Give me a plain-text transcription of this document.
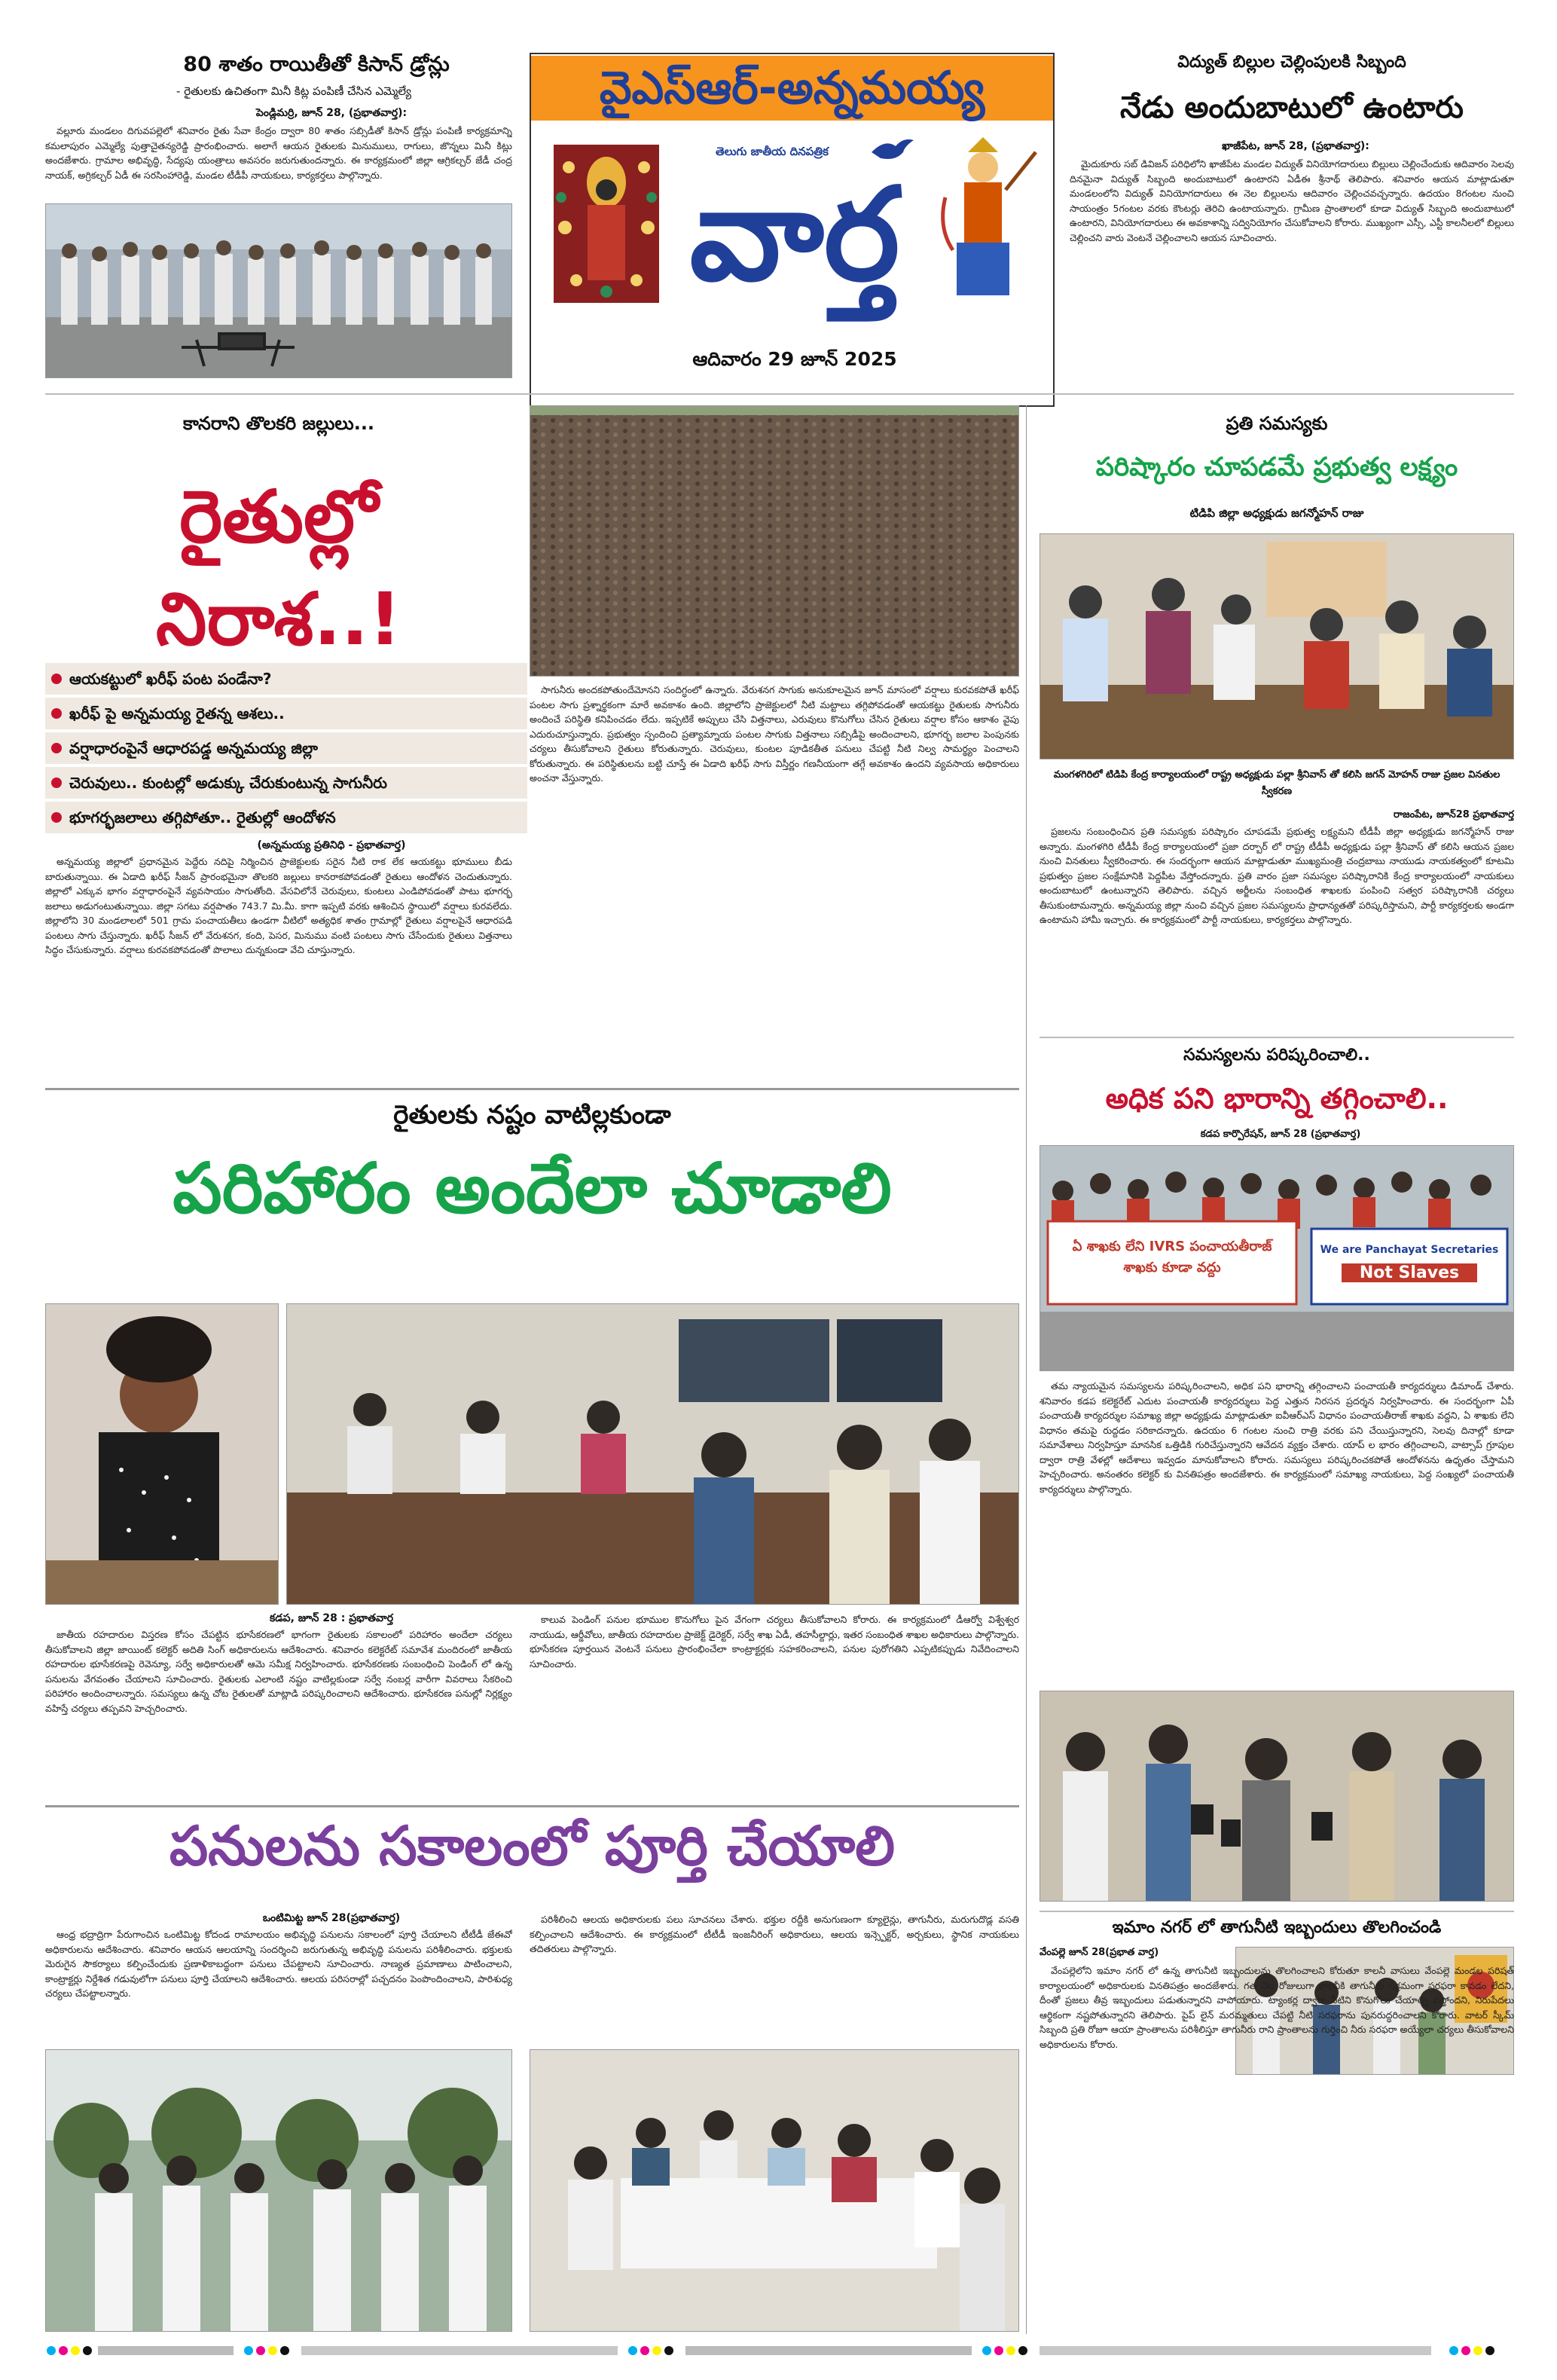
80 శాతం రాయితీతో కిసాన్ డ్రోన్లు
- రైతులకు ఉచితంగా మినీ కిట్ల పంపిణీ చేసిన ఎమ్మెల్యే
పెండ్లిమర్రి, జూన్ 28, (ప్రభాతవార్త):

వల్లూరు మండలం దిగువపల్లెలో శనివారం రైతు సేవా కేంద్రం ద్వారా 80 శాతం సబ్సిడీతో కిసాన్ డ్రోన్లు పంపిణీ కార్యక్రమాన్ని కమలాపురం ఎమ్మెల్యే పుత్తాచైతన్యరెడ్డి ప్రారంభించారు. అలాగే ఆయన రైతులకు మినుములు, రాగులు, జొన్నలు మినీ కిట్లు అందజేశారు. గ్రామాల అభివృద్ధి, సేద్యపు యంత్రాలు అవసరం జరుగుతుందన్నారు. ఈ కార్యక్రమంలో జిల్లా ఆగ్రికల్చర్ జేడీ చంద్ర నాయక్, అగ్రికల్చర్ ఏడీ ఈ సరసింహారెడ్డి, మండల టీడీపీ నాయకులు, కార్యకర్తలు పాల్గొన్నారు.

వైఎస్ఆర్-అన్నమయ్య
తెలుగు జాతీయ దినపత్రిక
వార్త
ఆదివారం 29 జూన్ 2025
విద్యుత్ బిల్లుల చెల్లింపులకి సిబ్బంది
నేడు అందుబాటులో ఉంటారు
ఖాజీపేట, జూన్ 28, (ప్రభాతవార్త):

మైదుకూరు సబ్ డివిజన్ పరిధిలోని ఖాజీపేట మండల విద్యుత్ వినియోగదారులు బిల్లులు చెల్లించేందుకు ఆదివారం సెలవు దినమైనా విద్యుత్ సిబ్బంది అందుబాటులో ఉంటారని ఏడీఈ శ్రీనాథ్ తెలిపారు. శనివారం ఆయన మాట్లాడుతూ మండలంలోని విద్యుత్ వినియోగదారులు ఈ నెల బిల్లులను ఆదివారం చెల్లించవచ్చన్నారు. ఉదయం 8గంటల నుంచి సాయంత్రం 5గంటల వరకు కౌంటర్లు తెరిచి ఉంటాయన్నారు. గ్రామీణ ప్రాంతాలలో కూడా విద్యుత్ సిబ్బంది అందుబాటులో ఉంటారని, వినియోగదారులు ఈ అవకాశాన్ని సద్వినియోగం చేసుకోవాలని కోరారు. ముఖ్యంగా ఎస్సీ, ఎస్టీ కాలనీలలో బిల్లులు చెల్లించని వారు వెంటనే చెల్లించాలని ఆయన సూచించారు.

కానరాని తొలకరి జల్లులు...
రైతుల్లో నిరాశ..!
ఆయకట్టులో ఖరీఫ్ పంట పండేనా?
ఖరీఫ్ పై అన్నమయ్య రైతన్న ఆశలు..
వర్షాధారంపైనే ఆధారపడ్డ అన్నమయ్య జిల్లా
చెరువులు.. కుంటల్లో అడుక్కు చేరుకుంటున్న సాగునీరు
భూగర్భజలాలు తగ్గిపోతూ.. రైతుల్లో ఆందోళన
(అన్నమయ్య ప్రతినిధి - ప్రభాతవార్త)

అన్నమయ్య జిల్లాలో ప్రధానమైన పెద్దేరు నదిపై నిర్మించిన ప్రాజెక్టులకు సరైన నీటి రాక లేక ఆయకట్టు భూములు బీడు బారుతున్నాయి. ఈ ఏడాది ఖరీఫ్ సీజన్ ప్రారంభమైనా తొలకరి జల్లులు కానరాకపోవడంతో రైతులు ఆందోళన చెందుతున్నారు. జిల్లాలో ఎక్కువ భాగం వర్షాధారంపైనే వ్యవసాయం సాగుతోంది. వేసవిలోనే చెరువులు, కుంటలు ఎండిపోవడంతో పాటు భూగర్భ జలాలు అడుగంటుతున్నాయి. జిల్లా సగటు వర్షపాతం 743.7 మి.మీ. కాగా ఇప్పటి వరకు ఆశించిన స్థాయిలో వర్షాలు కురవలేదు. జిల్లాలోని 30 మండలాలలో 501 గ్రామ పంచాయతీలు ఉండగా వీటిలో అత్యధిక శాతం గ్రామాల్లో రైతులు వర్షాలపైనే ఆధారపడి పంటలు సాగు చేస్తున్నారు. ఖరీఫ్ సీజన్ లో వేరుశనగ, కంది, పెసర, మినుము వంటి పంటలు సాగు చేసేందుకు రైతులు విత్తనాలు సిద్ధం చేసుకున్నారు. వర్షాలు కురవకపోవడంతో పొలాలు దున్నకుండా వేచి చూస్తున్నారు.

సాగునీరు అందకపోతుందేమోనని సందిగ్ధంలో ఉన్నారు. వేరుశనగ సాగుకు అనుకూలమైన జూన్ మాసంలో వర్షాలు కురవకపోతే ఖరీఫ్ పంటల సాగు ప్రశ్నార్థకంగా మారే అవకాశం ఉంది. జిల్లాలోని ప్రాజెక్టులలో నీటి మట్టాలు తగ్గిపోవడంతో ఆయకట్టు రైతులకు సాగునీరు అందించే పరిస్థితి కనిపించడం లేదు. ఇప్పటికే అప్పులు చేసి విత్తనాలు, ఎరువులు కొనుగోలు చేసిన రైతులు వర్షాల కోసం ఆకాశం వైపు ఎదురుచూస్తున్నారు. ప్రభుత్వం స్పందించి ప్రత్యామ్నాయ పంటల సాగుకు విత్తనాలు సబ్సిడీపై అందించాలని, భూగర్భ జలాల పెంపునకు చర్యలు తీసుకోవాలని రైతులు కోరుతున్నారు. చెరువులు, కుంటల పూడికతీత పనులు చేపట్టి నీటి నిల్వ సామర్థ్యం పెంచాలని కోరుతున్నారు. ఈ పరిస్థితులను బట్టి చూస్తే ఈ ఏడాది ఖరీఫ్ సాగు విస్తీర్ణం గణనీయంగా తగ్గే అవకాశం ఉందని వ్యవసాయ అధికారులు అంచనా వేస్తున్నారు.

ప్రతి సమస్యకు
పరిష్కారం చూపడమే ప్రభుత్వ లక్ష్యం
టిడిపి జిల్లా అధ్యక్షుడు జగన్మోహన్ రాజు
మంగళగిరిలో టిడిపి కేంద్ర కార్యాలయంలో రాష్ట్ర అధ్యక్షుడు పల్లా శ్రీనివాస్ తో కలిసి జగన్ మోహన్ రాజు ప్రజల వినతుల స్వీకరణ
రాజంపేట, జూన్28 ప్రభాతవార్త

ప్రజలను సంబంధించిన ప్రతి సమస్యకు పరిష్కారం చూపడమే ప్రభుత్వ లక్ష్యమని టీడీపీ జిల్లా అధ్యక్షుడు జగన్మోహన్ రాజు అన్నారు. మంగళగిరి టీడీపీ కేంద్ర కార్యాలయంలో ప్రజా దర్బార్ లో రాష్ట్ర టీడీపీ అధ్యక్షుడు పల్లా శ్రీనివాస్ తో కలిసి ఆయన ప్రజల నుంచి వినతులు స్వీకరించారు. ఈ సందర్భంగా ఆయన మాట్లాడుతూ ముఖ్యమంత్రి చంద్రబాబు నాయుడు నాయకత్వంలో కూటమి ప్రభుత్వం ప్రజల సంక్షేమానికి పెద్దపీట వేస్తోందన్నారు. ప్రతి వారం ప్రజా సమస్యల పరిష్కారానికి కేంద్ర కార్యాలయంలో నాయకులు అందుబాటులో ఉంటున్నారని తెలిపారు. వచ్చిన అర్జీలను సంబంధిత శాఖలకు పంపించి సత్వర పరిష్కారానికి చర్యలు తీసుకుంటామన్నారు. అన్నమయ్య జిల్లా నుంచి వచ్చిన ప్రజల సమస్యలను ప్రాధాన్యతతో పరిష్కరిస్తామని, పార్టీ కార్యకర్తలకు అండగా ఉంటామని హామీ ఇచ్చారు. ఈ కార్యక్రమంలో పార్టీ నాయకులు, కార్యకర్తలు పాల్గొన్నారు.

సమస్యలను పరిష్కరించాలి..
అధిక పని భారాన్ని తగ్గించాలి..
కడప కార్పొరేషన్, జూన్ 28 (ప్రభాతవార్త)
ఏ శాఖకు లేని IVRS పంచాయతీరాజ్ శాఖకు కూడా వద్దు
We are Panchayat Secretaries
Not Slaves

తమ న్యాయమైన సమస్యలను పరిష్కరించాలని, అధిక పని భారాన్ని తగ్గించాలని పంచాయతీ కార్యదర్శులు డిమాండ్ చేశారు. శనివారం కడప కలెక్టరేట్ ఎదుట పంచాయతీ కార్యదర్శులు పెద్ద ఎత్తున నిరసన ప్రదర్శన నిర్వహించారు. ఈ సందర్భంగా ఏపీ పంచాయతీ కార్యదర్శుల సమాఖ్య జిల్లా అధ్యక్షుడు మాట్లాడుతూ ఐవీఆర్ఎస్ విధానం పంచాయతీరాజ్ శాఖకు వద్దని, ఏ శాఖకు లేని విధానం తమపై రుద్దడం సరికాదన్నారు. ఉదయం 6 గంటల నుంచి రాత్రి వరకు పని చేయిస్తున్నారని, సెలవు దినాల్లో కూడా సమావేశాలు నిర్వహిస్తూ మానసిక ఒత్తిడికి గురిచేస్తున్నారని ఆవేదన వ్యక్తం చేశారు. యాప్ ల భారం తగ్గించాలని, వాట్సాప్ గ్రూపుల ద్వారా రాత్రి వేళల్లో ఆదేశాలు ఇవ్వడం మానుకోవాలని కోరారు. సమస్యలు పరిష్కరించకపోతే ఆందోళనను ఉధృతం చేస్తామని హెచ్చరించారు. అనంతరం కలెక్టర్ కు వినతిపత్రం అందజేశారు. ఈ కార్యక్రమంలో సమాఖ్య నాయకులు, పెద్ద సంఖ్యలో పంచాయతీ కార్యదర్శులు పాల్గొన్నారు.

రైతులకు నష్టం వాటిల్లకుండా
పరిహారం అందేలా చూడాలి
కడప, జూన్ 28 : ప్రభాతవార్త

జాతీయ రహదారుల విస్తరణ కోసం చేపట్టిన భూసేకరణలో భాగంగా రైతులకు సకాలంలో పరిహారం అందేలా చర్యలు తీసుకోవాలని జిల్లా జాయింట్ కలెక్టర్ అదితి సింగ్ అధికారులను ఆదేశించారు. శనివారం కలెక్టరేట్ సమావేశ మందిరంలో జాతీయ రహదారుల భూసేకరణపై రెవెన్యూ, సర్వే అధికారులతో ఆమె సమీక్ష నిర్వహించారు. భూసేకరణకు సంబంధించి పెండింగ్ లో ఉన్న పనులను వేగవంతం చేయాలని సూచించారు. రైతులకు ఎలాంటి నష్టం వాటిల్లకుండా సర్వే నంబర్ల వారీగా వివరాలు సేకరించి పరిహారం అందించాలన్నారు. సమస్యలు ఉన్న చోట రైతులతో మాట్లాడి పరిష్కరించాలని ఆదేశించారు. భూసేకరణ పనుల్లో నిర్లక్ష్యం వహిస్తే చర్యలు తప్పవని హెచ్చరించారు.

కాలువ పెండింగ్ పనుల భూముల కొనుగోలు పైన వేగంగా చర్యలు తీసుకోవాలని కోరారు. ఈ కార్యక్రమంలో డీఆర్వో విశ్వేశ్వర నాయుడు, ఆర్డీవోలు, జాతీయ రహదారుల ప్రాజెక్ట్ డైరెక్టర్, సర్వే శాఖ ఏడీ, తహసీల్దార్లు, ఇతర సంబంధిత శాఖల అధికారులు పాల్గొన్నారు. భూసేకరణ పూర్తయిన వెంటనే పనులు ప్రారంభించేలా కాంట్రాక్టర్లకు సహకరించాలని, పనుల పురోగతిని ఎప్పటికప్పుడు నివేదించాలని సూచించారు.

పనులను సకాలంలో పూర్తి చేయాలి
ఒంటిమిట్ట జూన్ 28(ప్రభాతవార్త)

ఆంధ్ర భద్రాద్రిగా పేరుగాంచిన ఒంటిమిట్ట కోదండ రామాలయం అభివృద్ధి పనులను సకాలంలో పూర్తి చేయాలని టీటీడీ జేఈవో అధికారులను ఆదేశించారు. శనివారం ఆయన ఆలయాన్ని సందర్శించి జరుగుతున్న అభివృద్ధి పనులను పరిశీలించారు. భక్తులకు మెరుగైన సౌకర్యాలు కల్పించేందుకు ప్రణాళికాబద్ధంగా పనులు చేపట్టాలని సూచించారు. నాణ్యత ప్రమాణాలు పాటించాలని, కాంట్రాక్టర్లు నిర్దేశిత గడువులోగా పనులు పూర్తి చేయాలని ఆదేశించారు. ఆలయ పరిసరాల్లో పచ్చదనం పెంపొందించాలని, పారిశుధ్య చర్యలు చేపట్టాలన్నారు.

పరిశీలించి ఆలయ అధికారులకు పలు సూచనలు చేశారు. భక్తుల రద్దీకి అనుగుణంగా క్యూలైన్లు, తాగునీరు, మరుగుదొడ్ల వసతి కల్పించాలని ఆదేశించారు. ఈ కార్యక్రమంలో టీటీడీ ఇంజనీరింగ్ అధికారులు, ఆలయ ఇన్స్పెక్టర్, అర్చకులు, స్థానిక నాయకులు తదితరులు పాల్గొన్నారు.

ఇమాం నగర్ లో తాగునీటి ఇబ్బందులు తొలగించండి
వేంపల్లె జూన్ 28(ప్రభాత వార్త)

వేంపల్లెలోని ఇమాం నగర్ లో ఉన్న తాగునీటి ఇబ్బందులను తొలగించాలని కోరుతూ కాలనీ వాసులు వేంపల్లె మండల పరిషత్ కార్యాలయంలో అధికారులకు వినతిపత్రం అందజేశారు. గత నెల రోజులుగా కాలనీకి తాగునీరు సక్రమంగా సరఫరా కావడం లేదని, దీంతో ప్రజలు తీవ్ర ఇబ్బందులు పడుతున్నారని వాపోయారు. ట్యాంకర్ల ద్వారా నీటిని కొనుగోలు చేయాల్సి వస్తోందని, నిరుపేదలు ఆర్థికంగా నష్టపోతున్నారని తెలిపారు. పైప్ లైన్ మరమ్మతులు చేపట్టి నీటి సరఫరాను పునరుద్ధరించాలని కోరారు. వాటర్ స్కీమ్ సిబ్బంది ప్రతి రోజూ ఆయా ప్రాంతాలను పరిశీలిస్తూ తాగునీరు రాని ప్రాంతాలను గుర్తించి నీరు సరఫరా అయ్యేలా చర్యలు తీసుకోవాలని అధికారులను కోరారు.
